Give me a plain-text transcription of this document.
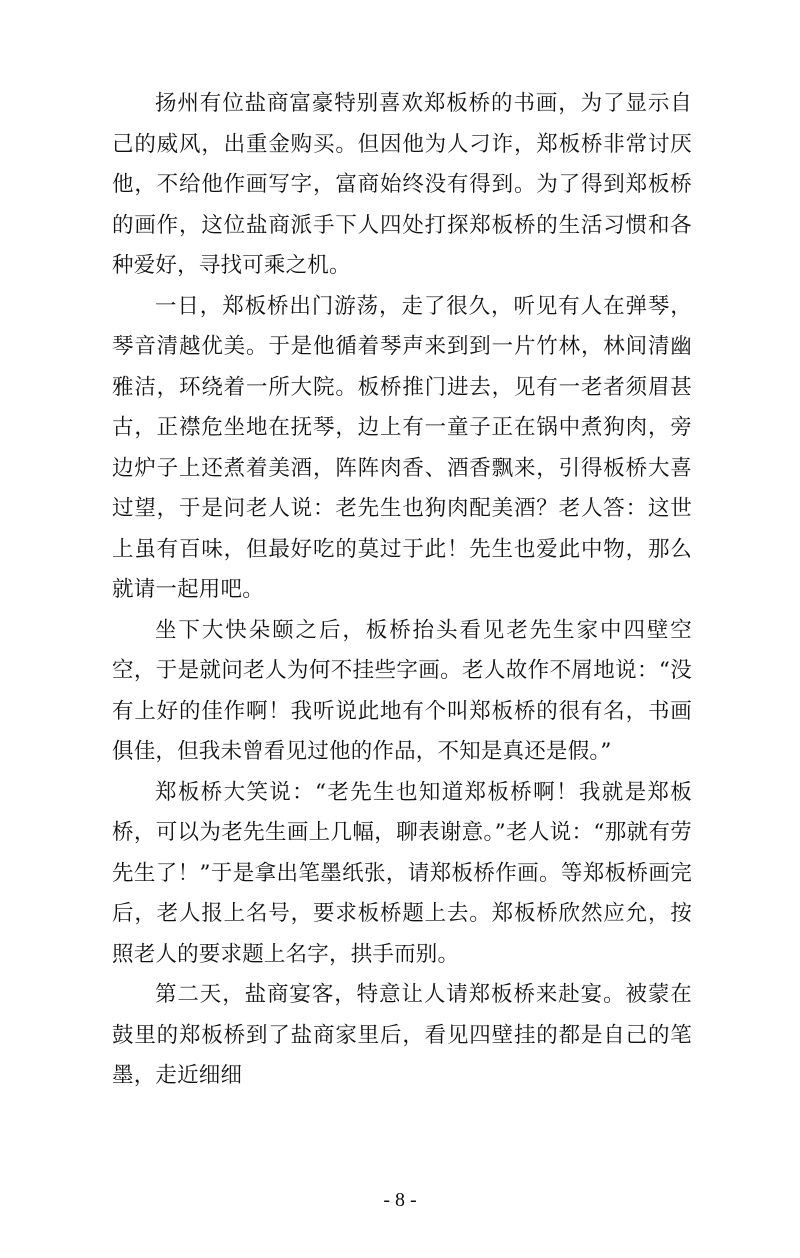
扬州有位盐商富豪特别喜欢郑板桥的书画，为了显示自己的威风，出重金购买。但因他为人刁诈，郑板桥非常讨厌他，不给他作画写字，富商始终没有得到。为了得到郑板桥的画作，这位盐商派手下人四处打探郑板桥的生活习惯和各种爱好，寻找可乘之机。

一日，郑板桥出门游荡，走了很久，听见有人在弹琴，琴音清越优美。于是他循着琴声来到到一片竹林，林间清幽雅洁，环绕着一所大院。板桥推门进去，见有一老者须眉甚古，正襟危坐地在抚琴，边上有一童子正在锅中煮狗肉，旁边炉子上还煮着美酒，阵阵肉香、酒香飘来，引得板桥大喜过望，于是问老人说：老先生也狗肉配美酒？老人答：这世上虽有百味，但最好吃的莫过于此！先生也爱此中物，那么就请一起用吧。

坐下大快朵颐之后，板桥抬头看见老先生家中四壁空空，于是就问老人为何不挂些字画。老人故作不屑地说：“没有上好的佳作啊！我听说此地有个叫郑板桥的很有名，书画俱佳，但我未曾看见过他的作品，不知是真还是假。”

郑板桥大笑说：“老先生也知道郑板桥啊！我就是郑板桥，可以为老先生画上几幅，聊表谢意。”老人说：“那就有劳先生了！”于是拿出笔墨纸张，请郑板桥作画。等郑板桥画完后，老人报上名号，要求板桥题上去。郑板桥欣然应允，按照老人的要求题上名字，拱手而别。

第二天，盐商宴客，特意让人请郑板桥来赴宴。被蒙在鼓里的郑板桥到了盐商家里后，看见四壁挂的都是自己的笔墨，走近细细

- 8 -
